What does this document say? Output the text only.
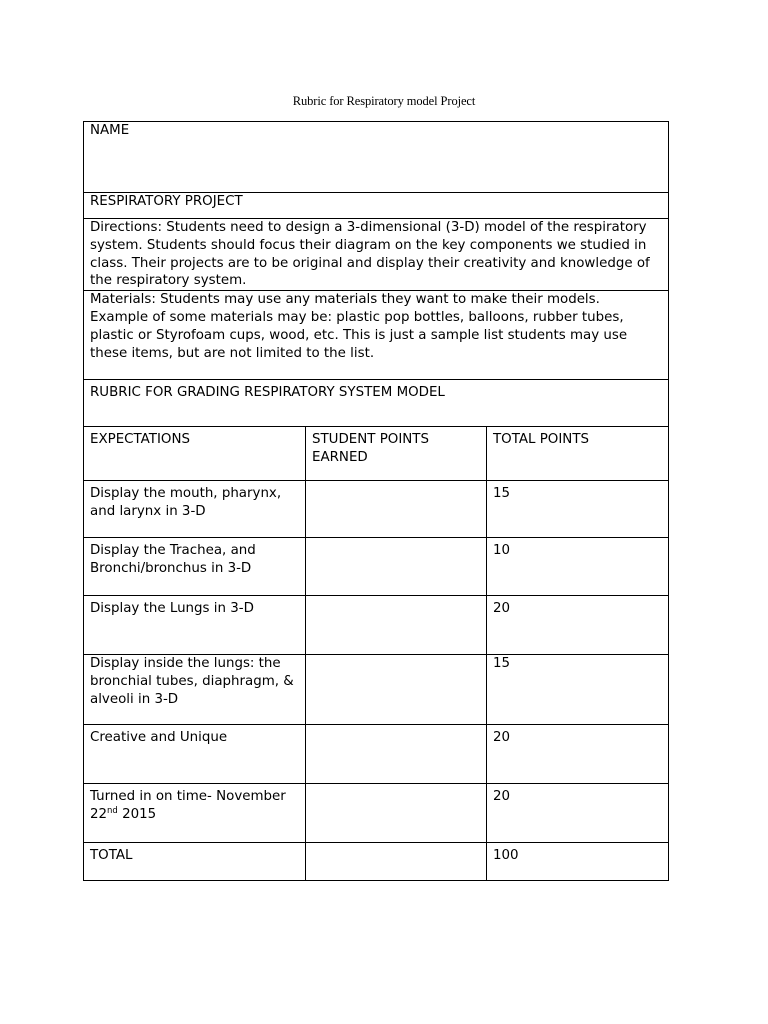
Rubric for Respiratory model Project
NAME		
RESPIRATORY PROJECT		
Directions: Students need to design a 3-dimensional (3-D) model of the respiratory system. Students should focus their diagram on the key components we studied in class. Their projects are to be original and display their creativity and knowledge of the respiratory system.		
Materials: Students may use any materials they want to make their models. Example of some materials may be: plastic pop bottles, balloons, rubber tubes, plastic or Styrofoam cups, wood, etc. This is just a sample list students may use these items, but are not limited to the list.		
RUBRIC FOR GRADING RESPIRATORY SYSTEM MODEL		
EXPECTATIONS	STUDENT POINTS EARNED	TOTAL POINTS
Display the mouth, pharynx, and larynx in 3-D		15
Display the Trachea, and Bronchi/bronchus in 3-D		10
Display the Lungs in 3-D		20
Display inside the lungs: the bronchial tubes, diaphragm, & alveoli in 3-D		15
Creative and Unique		20
Turned in on time- November 22nd 2015		20
TOTAL		100
